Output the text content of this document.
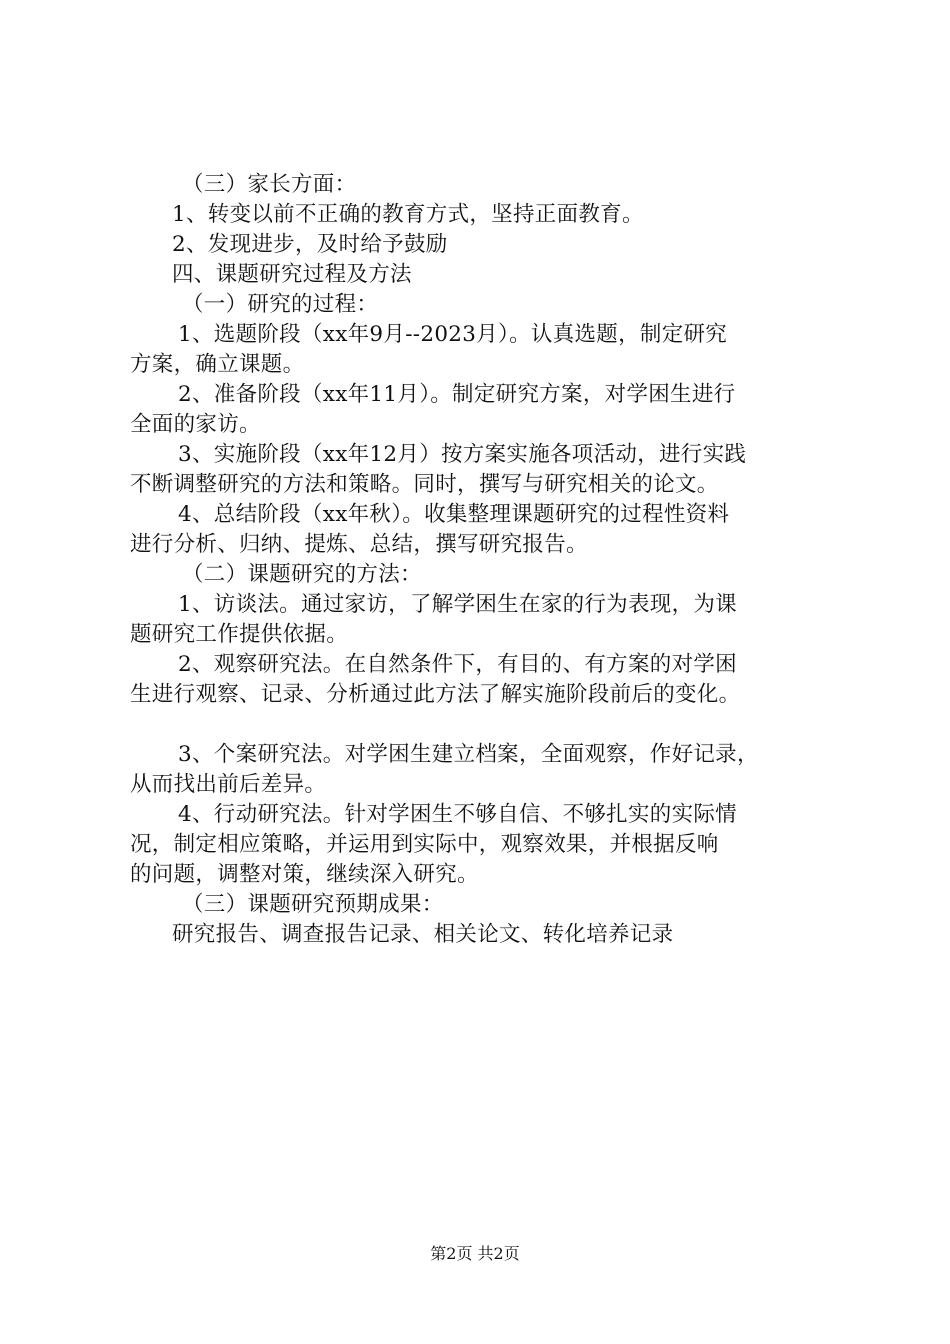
（三）家长方面：
1、转变以前不正确的教育方式，坚持正面教育。
2、发现进步，及时给予鼓励
四、课题研究过程及方法
（一）研究的过程：
1、选题阶段（xx年9月--2023月）。认真选题，制定研究
方案，确立课题。
2、准备阶段（xx年11月）。制定研究方案，对学困生进行
全面的家访。
3、实施阶段（xx年12月）按方案实施各项活动，进行实践
不断调整研究的方法和策略。同时，撰写与研究相关的论文。
4、总结阶段（xx年秋）。收集整理课题研究的过程性资料
进行分析、归纳、提炼、总结，撰写研究报告。
（二）课题研究的方法：
1、访谈法。通过家访，了解学困生在家的行为表现，为课
题研究工作提供依据。
2、观察研究法。在自然条件下，有目的、有方案的对学困
生进行观察、记录、分析通过此方法了解实施阶段前后的变化。
3、个案研究法。对学困生建立档案，全面观察，作好记录，
从而找出前后差异。
4、行动研究法。针对学困生不够自信、不够扎实的实际情
况，制定相应策略，并运用到实际中，观察效果，并根据反响
的问题，调整对策，继续深入研究。
（三）课题研究预期成果：
研究报告、调查报告记录、相关论文、转化培养记录
第2页 共2页
